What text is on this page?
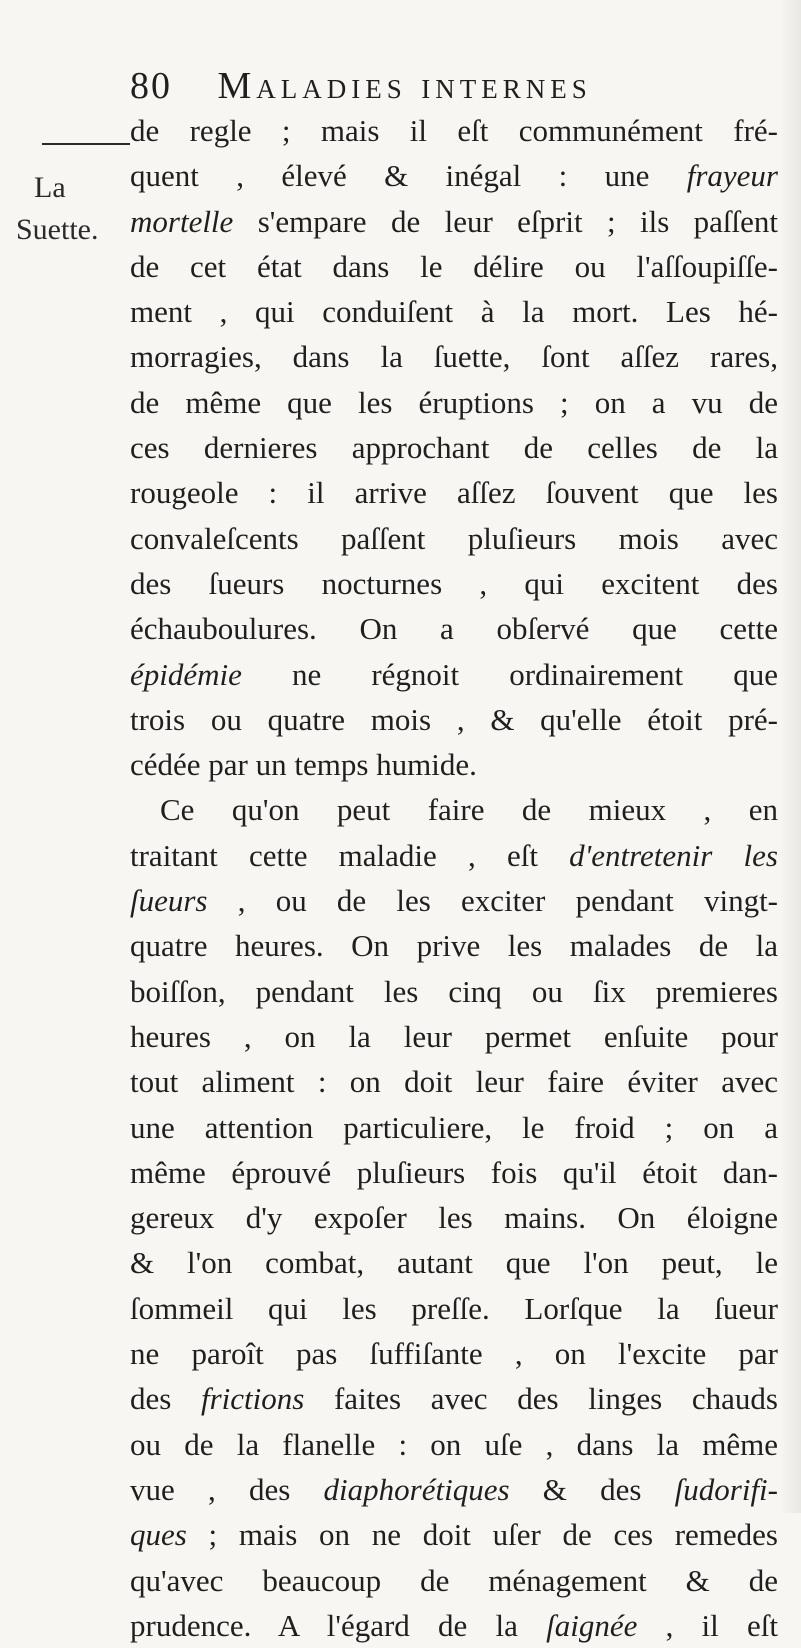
80 Maladies internes
La
Suette.
de regle ; mais il eſt communément fré-
quent , élevé & inégal : une frayeur
mortelle s'empare de leur eſprit ; ils paſſent
de cet état dans le délire ou l'aſſoupiſſe-
ment , qui conduiſent à la mort. Les hé-
morragies, dans la ſuette, ſont aſſez rares,
de même que les éruptions ; on a vu de
ces dernieres approchant de celles de la
rougeole : il arrive aſſez ſouvent que les
convaleſcents paſſent pluſieurs mois avec
des ſueurs nocturnes , qui excitent des
échauboulures. On a obſervé que cette
épidémie ne régnoit ordinairement que
trois ou quatre mois , & qu'elle étoit pré-
cédée par un temps humide.
Ce qu'on peut faire de mieux , en
traitant cette maladie , eſt d'entretenir les
ſueurs , ou de les exciter pendant vingt-
quatre heures. On prive les malades de la
boiſſon, pendant les cinq ou ſix premieres
heures , on la leur permet enſuite pour
tout aliment : on doit leur faire éviter avec
une attention particuliere, le froid ; on a
même éprouvé pluſieurs fois qu'il étoit dan-
gereux d'y expoſer les mains. On éloigne
& l'on combat, autant que l'on peut, le
ſommeil qui les preſſe. Lorſque la ſueur
ne paroît pas ſuffiſante , on l'excite par
des frictions faites avec des linges chauds
ou de la flanelle : on uſe , dans la même
vue , des diaphorétiques & des ſudorifi-
ques ; mais on ne doit uſer de ces remedes
qu'avec beaucoup de ménagement & de
prudence. A l'égard de la ſaignée , il eſt
